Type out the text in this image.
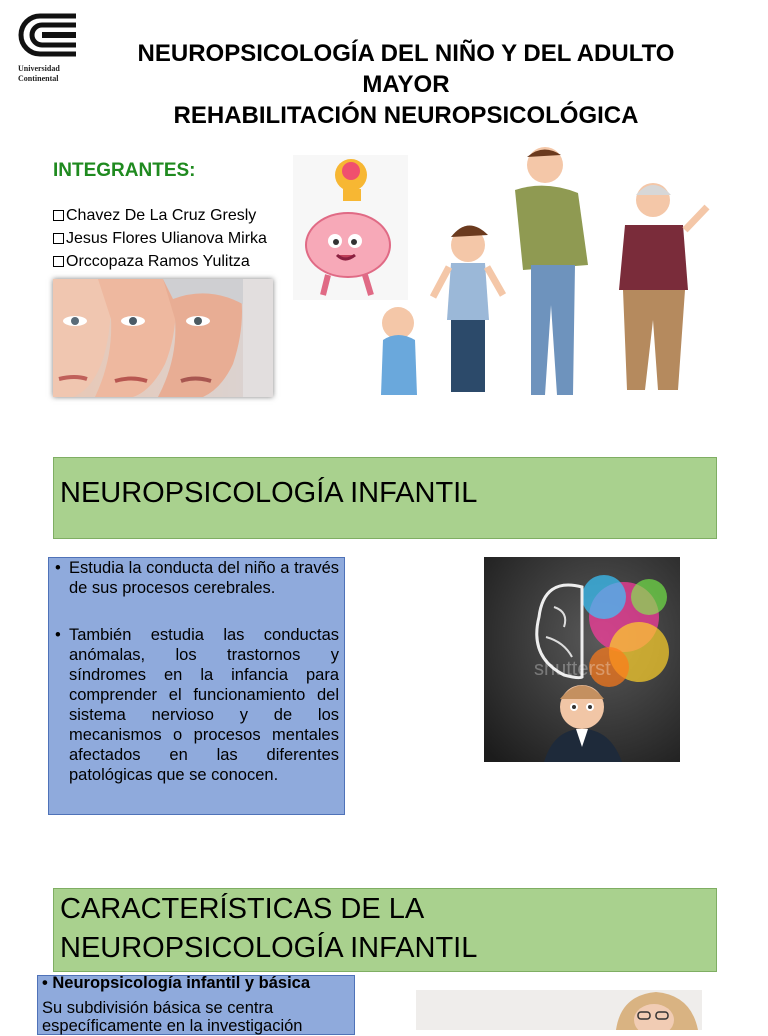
Universidad
Continental
NEUROPSICOLOGÍA DEL NIÑO Y DEL ADULTO
MAYOR
REHABILITACIÓN NEUROPSICOLÓGICA
INTEGRANTES:
Chavez De La Cruz Gresly
Jesus Flores Ulianova Mirka
Orccopaza Ramos Yulitza
NEUROPSICOLOGÍA INFANTIL
• Estudia la conducta del niño a través de sus procesos cerebrales.
• También estudia las conductas anómalas, los trastornos y síndromes en la infancia para comprender el funcionamiento del sistema nervioso y de los mecanismos o procesos mentales afectados en las diferentes patológicas que se conocen.
shutterst
CARACTERÍSTICAS DE LA NEUROPSICOLOGÍA INFANTIL
• Neuropsicología infantil y básica
Su subdivisión básica se centra
específicamente en la investigación
